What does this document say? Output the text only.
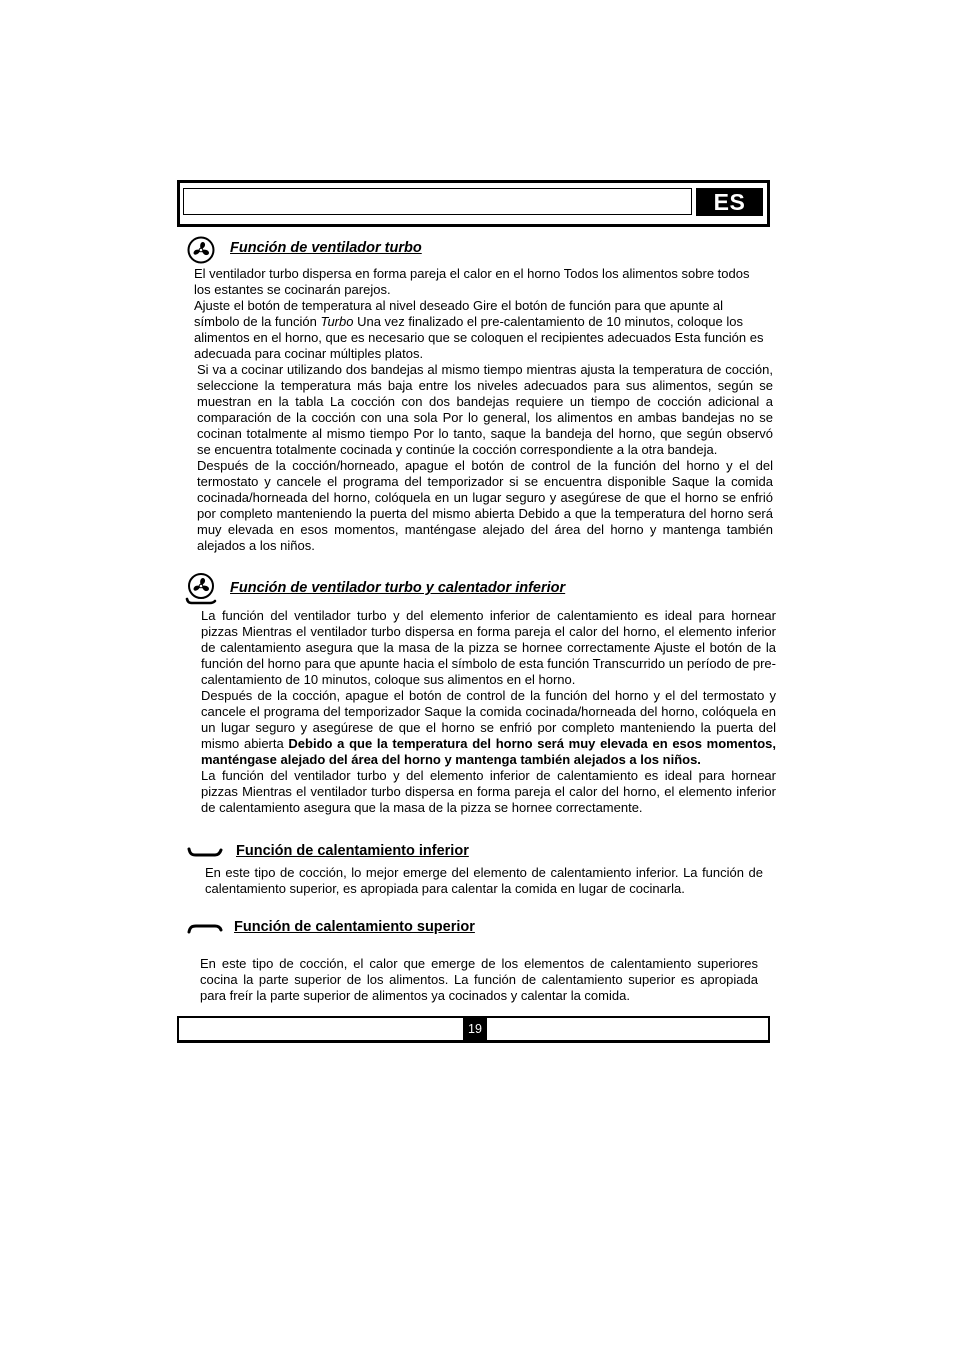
ES
Función de ventilador turbo

El ventilador turbo dispersa en forma pareja el calor en el horno Todos los alimentos sobre todos los estantes se cocinarán parejos.

Ajuste el botón de temperatura al nivel deseado Gire el botón de función para que apunte al símbolo de la función Turbo Una vez finalizado el pre-calentamiento de 10 minutos, coloque los alimentos en el horno, que es necesario que se coloquen el recipientes adecuados Esta función es adecuada para cocinar múltiples platos.

Si va a cocinar utilizando dos bandejas al mismo tiempo mientras ajusta la temperatura de cocción, seleccione la temperatura más baja entre los niveles adecuados para sus alimentos, según se muestran en la tabla La cocción con dos bandejas requiere un tiempo de cocción adicional a comparación de la cocción con una sola Por lo general, los alimentos en ambas bandejas no se cocinan totalmente al mismo tiempo Por lo tanto, saque la bandeja del horno, que según observó se encuentra totalmente cocinada y continúe la cocción correspondiente a la otra bandeja.

Después de la cocción/horneado, apague el botón de control de la función del horno y el del termostato y cancele el programa del temporizador si se encuentra disponible Saque la comida cocinada/horneada del horno, colóquela en un lugar seguro y asegúrese de que el horno se enfrió por completo manteniendo la puerta del mismo abierta Debido a que la temperatura del horno será muy elevada en esos momentos, manténgase alejado del área del horno y mantenga también alejados a los niños.

Función de ventilador turbo y calentador inferior

La función del ventilador turbo y del elemento inferior de calentamiento es ideal para hornear pizzas Mientras el ventilador turbo dispersa en forma pareja el calor del horno, el elemento inferior de calentamiento asegura que la masa de la pizza se hornee correctamente Ajuste el botón de la función del horno para que apunte hacia el símbolo de esta función Transcurrido un período de pre-calentamiento de 10 minutos, coloque sus alimentos en el horno.

Después de la cocción, apague el botón de control de la función del horno y el del termostato y cancele el programa del temporizador Saque la comida cocinada/horneada del horno, colóquela en un lugar seguro y asegúrese de que el horno se enfrió por completo manteniendo la puerta del mismo abierta Debido a que la temperatura del horno será muy elevada en esos momentos, manténgase alejado del área del horno y mantenga también alejados a los niños.

La función del ventilador turbo y del elemento inferior de calentamiento es ideal para hornear pizzas Mientras el ventilador turbo dispersa en forma pareja el calor del horno, el elemento inferior de calentamiento asegura que la masa de la pizza se hornee correctamente.

Función de calentamiento inferior

En este tipo de cocción, lo mejor emerge del elemento de calentamiento inferior. La función de calentamiento superior, es apropiada para calentar la comida en lugar de cocinarla.

Función de calentamiento superior

En este tipo de cocción, el calor que emerge de los elementos de calentamiento superiores cocina la parte superior de los alimentos. La función de calentamiento superior es apropiada para freír la parte superior de alimentos ya cocinados y calentar la comida.

19
